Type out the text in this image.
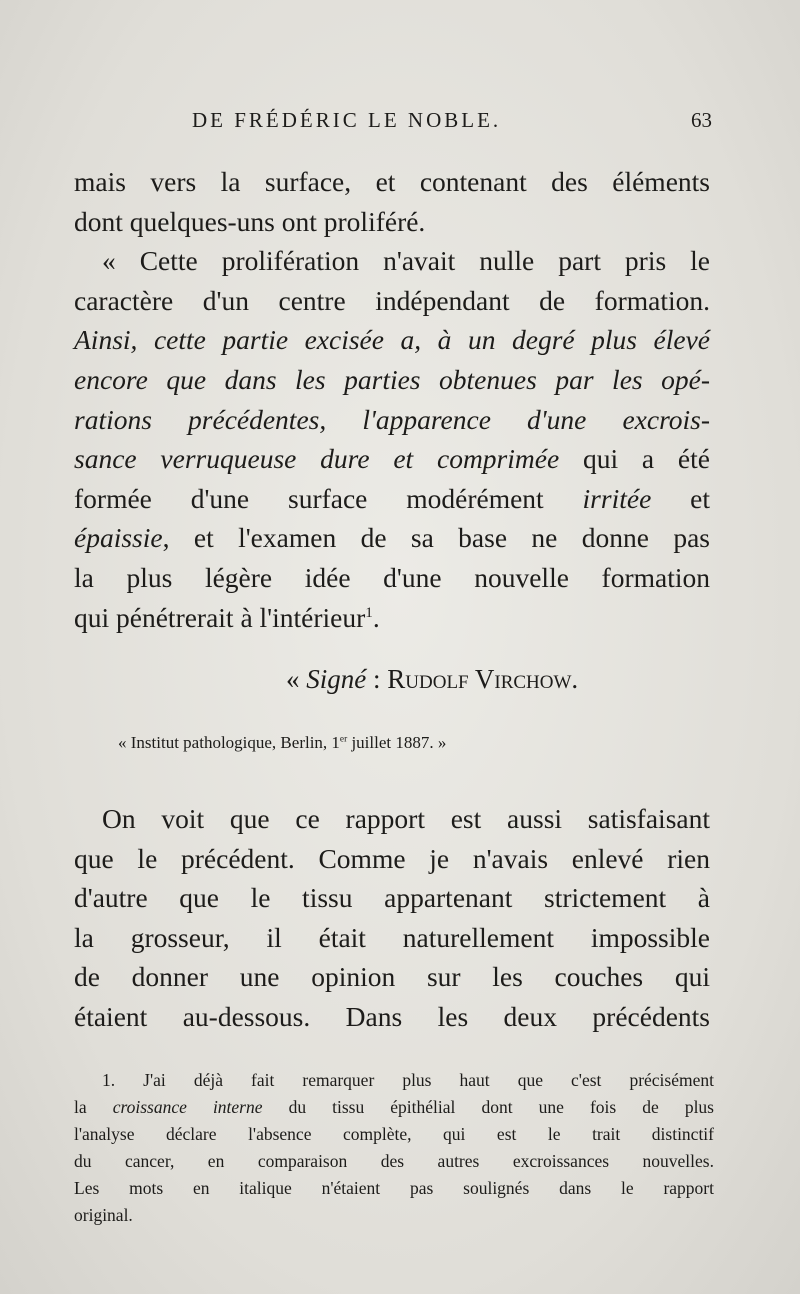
DE FRÉDÉRIC LE NOBLE.	63
mais vers la surface, et contenant des éléments
dont quelques-uns ont proliféré.
« Cette prolifération n'avait nulle part pris le
caractère d'un centre indépendant de formation.
Ainsi, cette partie excisée a, à un degré plus élevé
encore que dans les parties obtenues par les opé-
rations précédentes, l'apparence d'une excrois-
sance verruqueuse dure et comprimée qui a été
formée d'une surface modérément irritée et
épaissie, et l'examen de sa base ne donne pas
la plus légère idée d'une nouvelle formation
qui pénétrerait à l'intérieur$^1$.
« Signé : Rudolf Virchow.
« Institut pathologique, Berlin, 1er juillet 1887. »
On voit que ce rapport est aussi satisfaisant
que le précédent. Comme je n'avais enlevé rien
d'autre que le tissu appartenant strictement à
la grosseur, il était naturellement impossible
de donner une opinion sur les couches qui
étaient au-dessous. Dans les deux précédents
1. J'ai déjà fait remarquer plus haut que c'est précisément
la croissance interne du tissu épithélial dont une fois de plus
l'analyse déclare l'absence complète, qui est le trait distinctif
du cancer, en comparaison des autres excroissances nouvelles.
Les mots en italique n'étaient pas soulignés dans le rapport
original.
